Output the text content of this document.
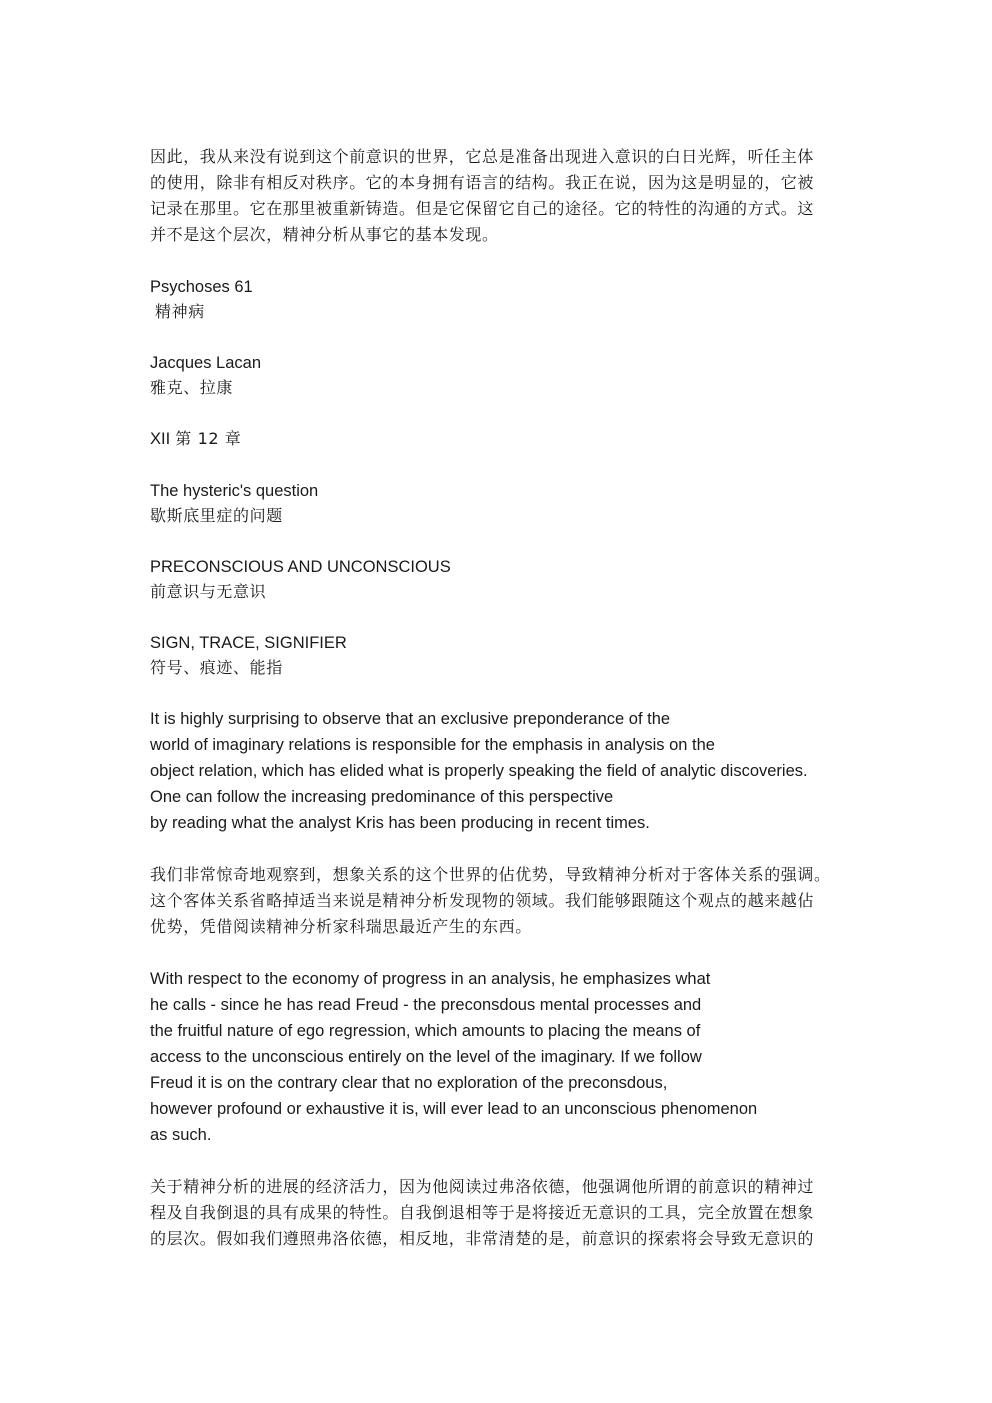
因此，我从来没有说到这个前意识的世界，它总是准备出现进入意识的白日光辉，听任主体
的使用，除非有相反对秩序。它的本身拥有语言的结构。我正在说，因为这是明显的，它被
记录在那里。它在那里被重新铸造。但是它保留它自己的途径。它的特性的沟通的方式。这
并不是这个层次，精神分析从事它的基本发现。
Psychoses 61
精神病
Jacques Lacan
雅克、拉康
XII 第 12 章
The hysteric's question
歇斯底里症的问题
PRECONSCIOUS AND UNCONSCIOUS
前意识与无意识
SIGN, TRACE, SIGNIFIER
符号、痕迹、能指
It is highly surprising to observe that an exclusive preponderance of the
world of imaginary relations is responsible for the emphasis in analysis on the
object relation, which has elided what is properly speaking the field of analytic discoveries.
One can follow the increasing predominance of this perspective
by reading what the analyst Kris has been producing in recent times.
我们非常惊奇地观察到，想象关系的这个世界的佔优势，导致精神分析对于客体关系的强调。
这个客体关系省略掉适当来说是精神分析发现物的领域。我们能够跟随这个观点的越来越佔
优势，凭借阅读精神分析家科瑞思最近产生的东西。
With respect to the economy of progress in an analysis, he emphasizes what
he calls - since he has read Freud - the preconsdous mental processes and
the fruitful nature of ego regression, which amounts to placing the means of
access to the unconscious entirely on the level of the imaginary. If we follow
Freud it is on the contrary clear that no exploration of the preconsdous,
however profound or exhaustive it is, will ever lead to an unconscious phenomenon
as such.
关于精神分析的进展的经济活力，因为他阅读过弗洛依德，他强调他所谓的前意识的精神过
程及自我倒退的具有成果的特性。自我倒退相等于是将接近无意识的工具，完全放置在想象
的层次。假如我们遵照弗洛依德，相反地，非常清楚的是，前意识的探索将会导致无意识的
